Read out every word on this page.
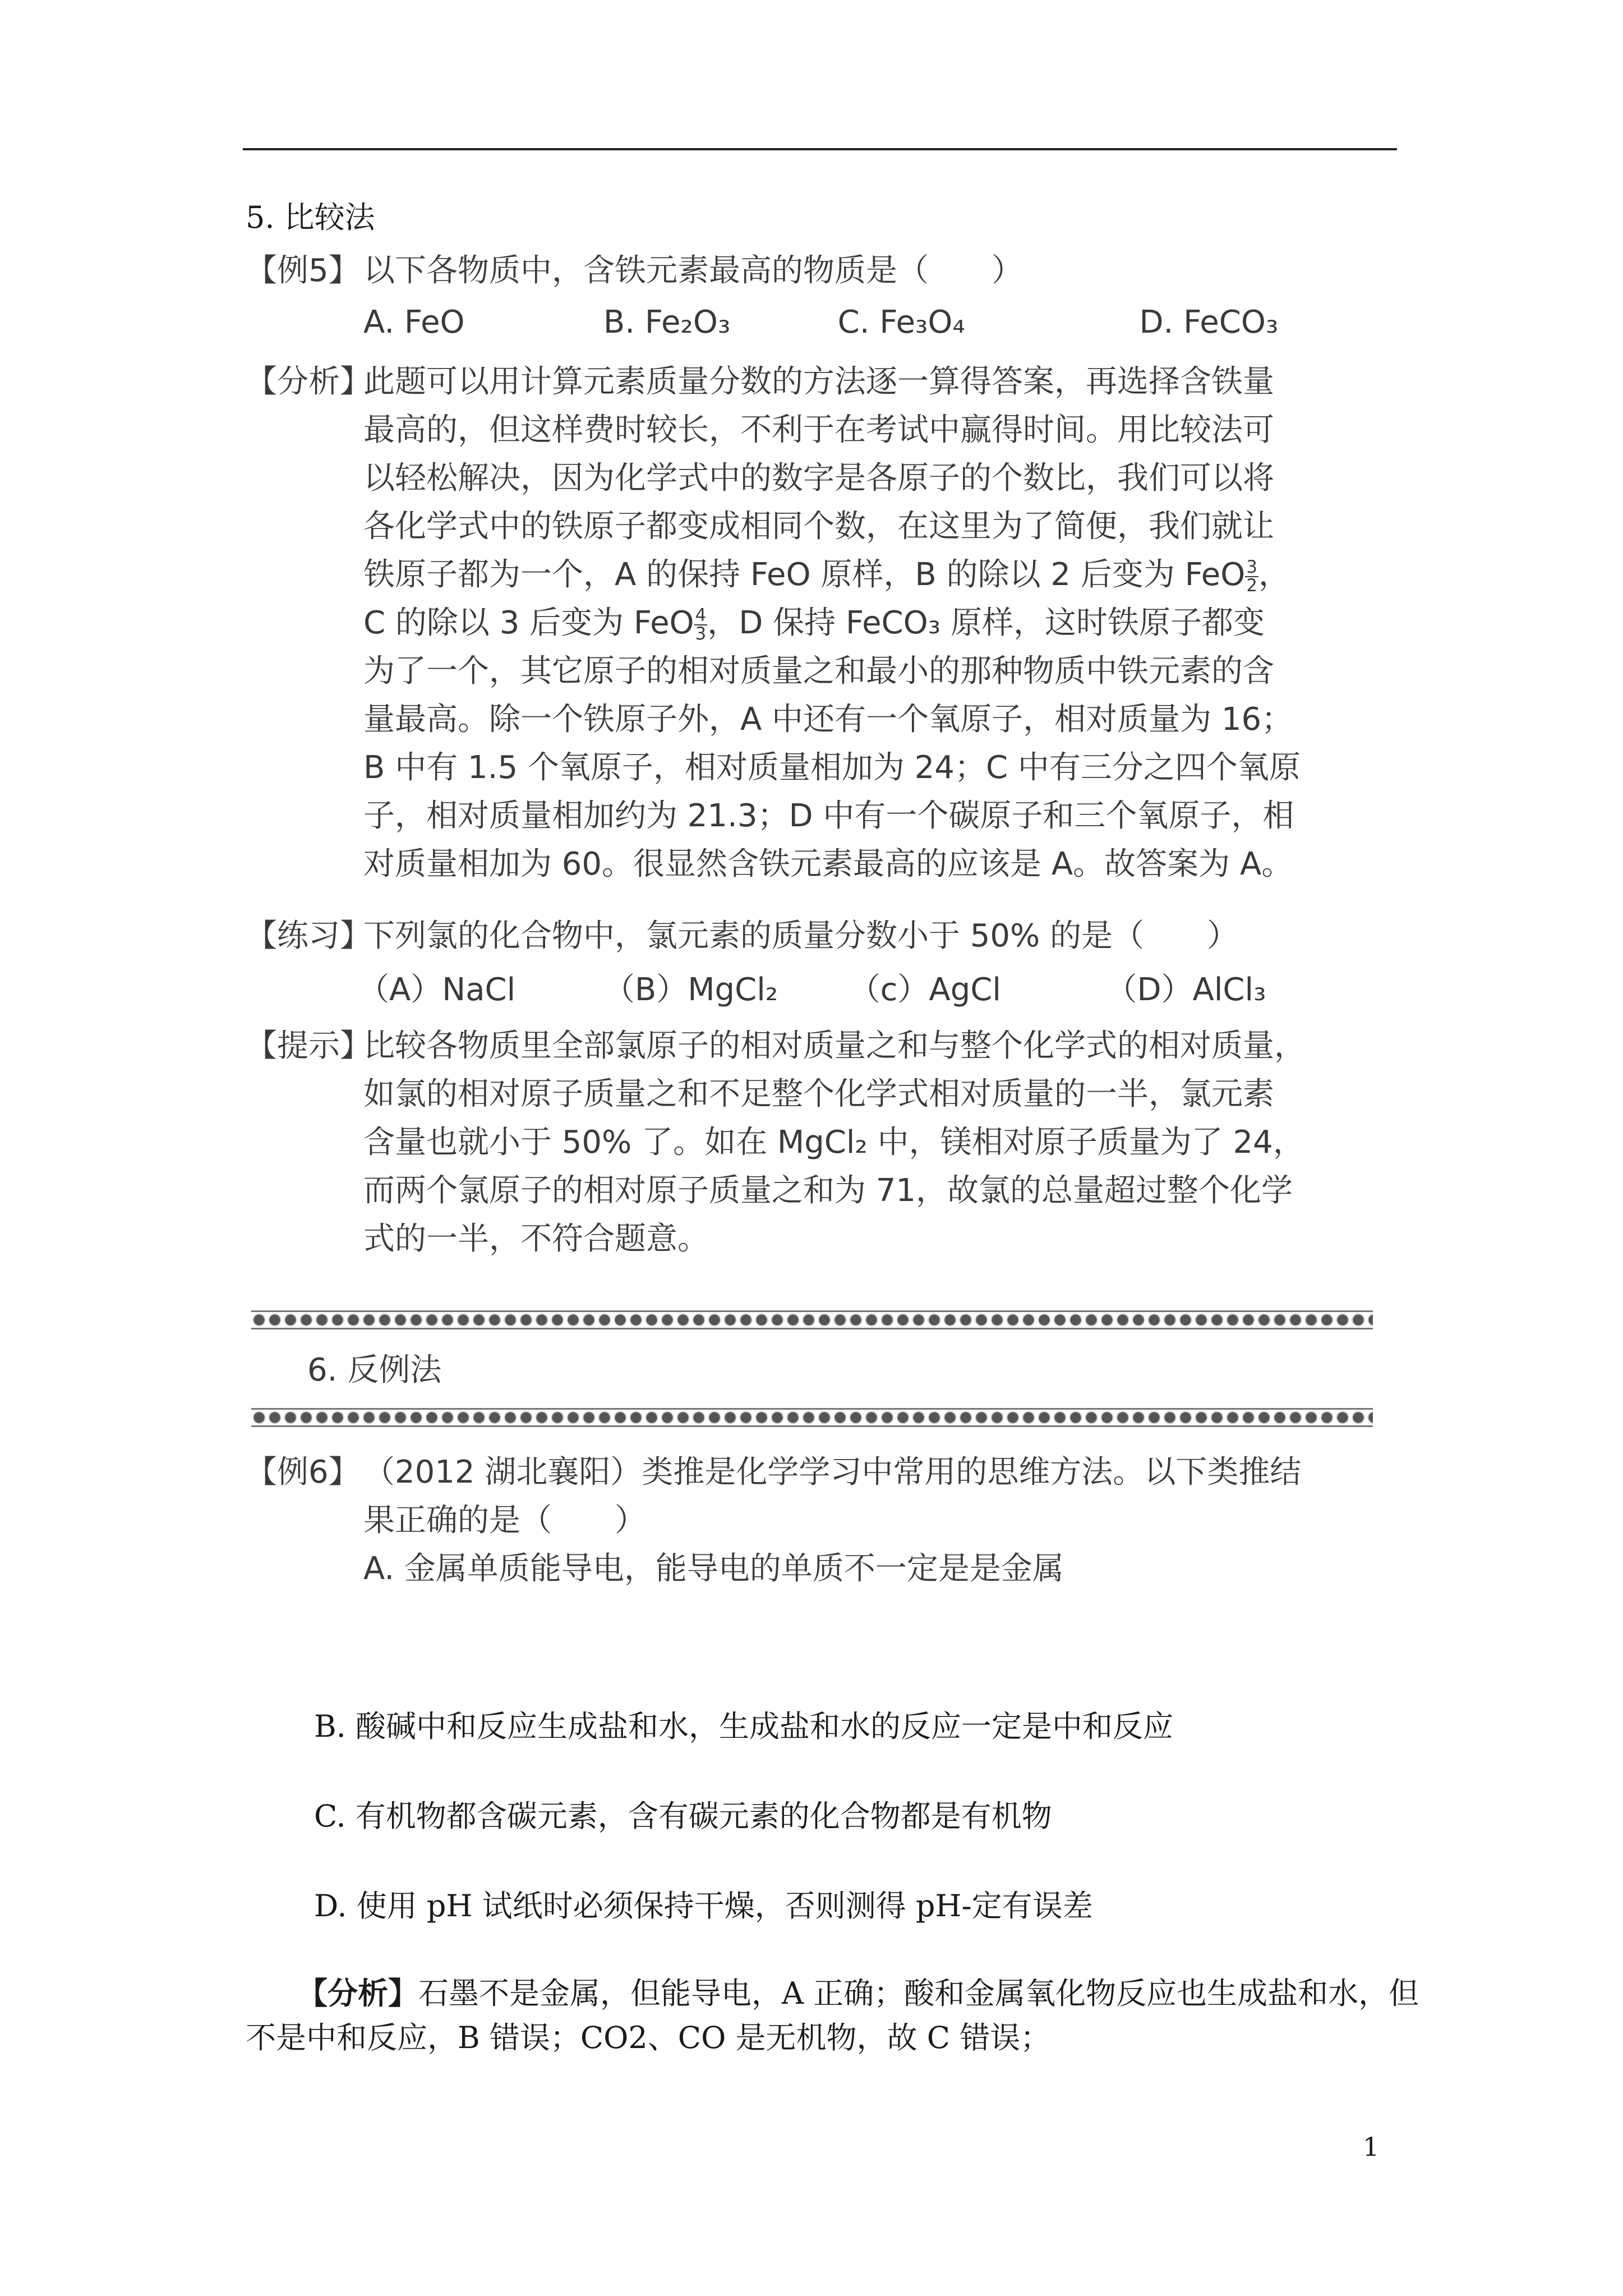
5. 比较法
【例5】 以下各物质中，含铁元素最高的物质是（　　）
A. FeO	B. Fe₂O₃	C. Fe₃O₄	D. FeCO₃
【分析】
此题可以用计算元素质量分数的方法逐一算得答案，再选择含铁量
最高的，但这样费时较长，不利于在考试中赢得时间。用比较法可
以轻松解决，因为化学式中的数字是各原子的个数比，我们可以将
各化学式中的铁原子都变成相同个数，在这里为了简便，我们就让
铁原子都为一个，A 的保持 FeO 原样，B 的除以 2 后变为 FeO $\frac{3}{2}$ ，
C 的除以 3 后变为 FeO $\frac{4}{3}$ ，D 保持 FeCO₃ 原样，这时铁原子都变
为了一个，其它原子的相对质量之和最小的那种物质中铁元素的含
量最高。除一个铁原子外，A 中还有一个氧原子，相对质量为 16；
B 中有 1.5 个氧原子，相对质量相加为 24；C 中有三分之四个氧原
子，相对质量相加约为 21.3；D 中有一个碳原子和三个氧原子，相
对质量相加为 60。很显然含铁元素最高的应该是 A。故答案为 A。
【练习】
下列氯的化合物中，氯元素的质量分数小于 50% 的是（　　）
（A）NaCl	（B）MgCl₂ （c）AgCl	（D）AlCl₃
【提示】
比较各物质里全部氯原子的相对质量之和与整个化学式的相对质量，
如氯的相对原子质量之和不足整个化学式相对质量的一半，氯元素
含量也就小于 50% 了。如在 MgCl₂ 中，镁相对原子质量为了 24，
而两个氯原子的相对原子质量之和为 71，故氯的总量超过整个化学
式的一半，不符合题意。
6. 反例法
【例6】 （2012 湖北襄阳）类推是化学学习中常用的思维方法。以下类推结
果正确的是（　　）
A. 金属单质能导电，能导电的单质不一定是是金属
B. 酸碱中和反应生成盐和水，生成盐和水的反应一定是中和反应
C. 有机物都含碳元素，含有碳元素的化合物都是有机物
D. 使用 pH 试纸时必须保持干燥，否则测得 pH-定有误差
【分析】石墨不是金属，但能导电，A 正确；酸和金属氧化物反应也生成盐和水，但
不是中和反应，B 错误；CO2、CO 是无机物，故 C 错误；
1
